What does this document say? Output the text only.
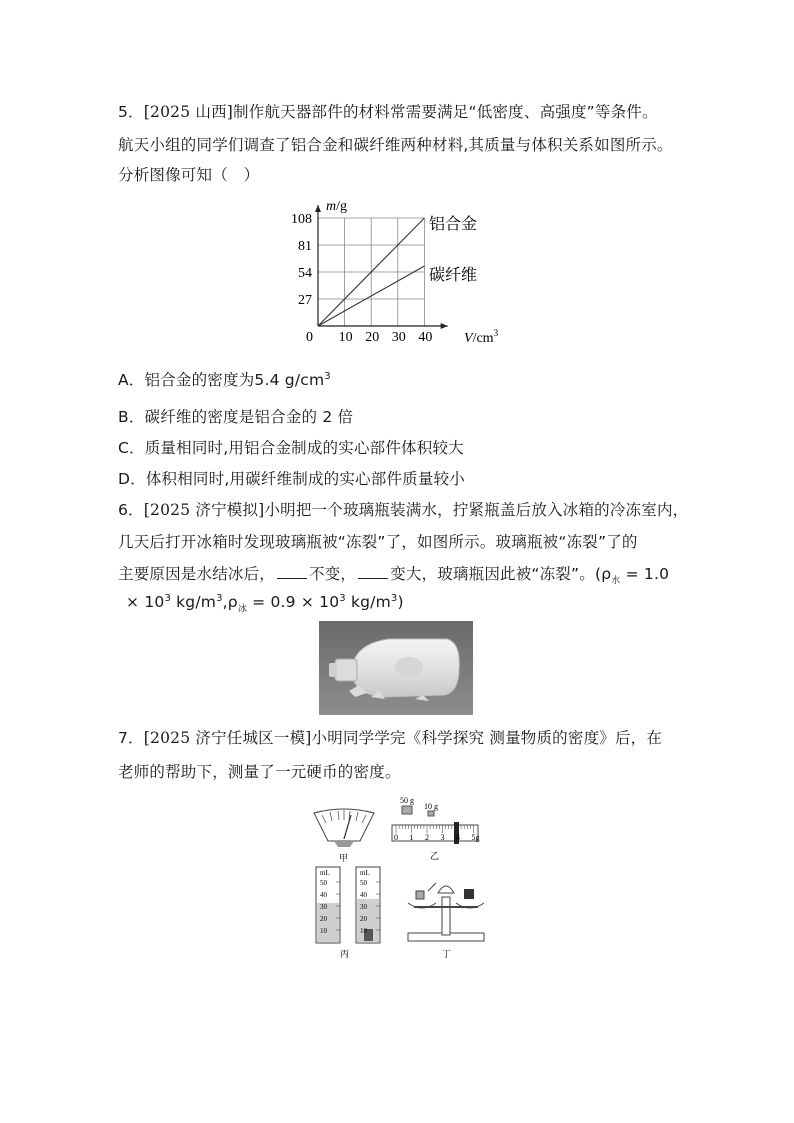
5．[2025 山西]制作航天器部件的材料常需要满足“低密度、高强度”等条件。
航天小组的同学们调查了铝合金和碳纤维两种材料,其质量与体积关系如图所示。
分析图像可知（　）
0 10 20 30 40
27
54
81
108
m/g
$V/cm^3$
铝合金
碳纤维
A．铝合金的密度为5.4 $g/cm^3$
B．碳纤维的密度是铝合金的 2 倍
C．质量相同时,用铝合金制成的实心部件体积较大
D．体积相同时,用碳纤维制成的实心部件质量较小
6．[2025 济宁模拟]小明把一个玻璃瓶装满水，拧紧瓶盖后放入冰箱的冷冻室内，
几天后打开冰箱时发现玻璃瓶被“冻裂”了，如图所示。玻璃瓶被“冻裂”了的
主要原因是水结冰后， 不变， 变大，玻璃瓶因此被“冻裂”。($\rho_水 = 1.0$
× $10^3$ $kg/m^3,\rho_冰 = 0.9 \times 10^3$ $kg/m^3$)
7．[2025 济宁任城区一模]小明同学学完《科学探究 测量物质的密度》后，在
老师的帮助下，测量了一元硬币的密度。
甲
50 g
10 g
0 1 2 3 4 5g
乙
mL	mL
50
40
30
20
10
50
40
30
20
10
丙	丁
